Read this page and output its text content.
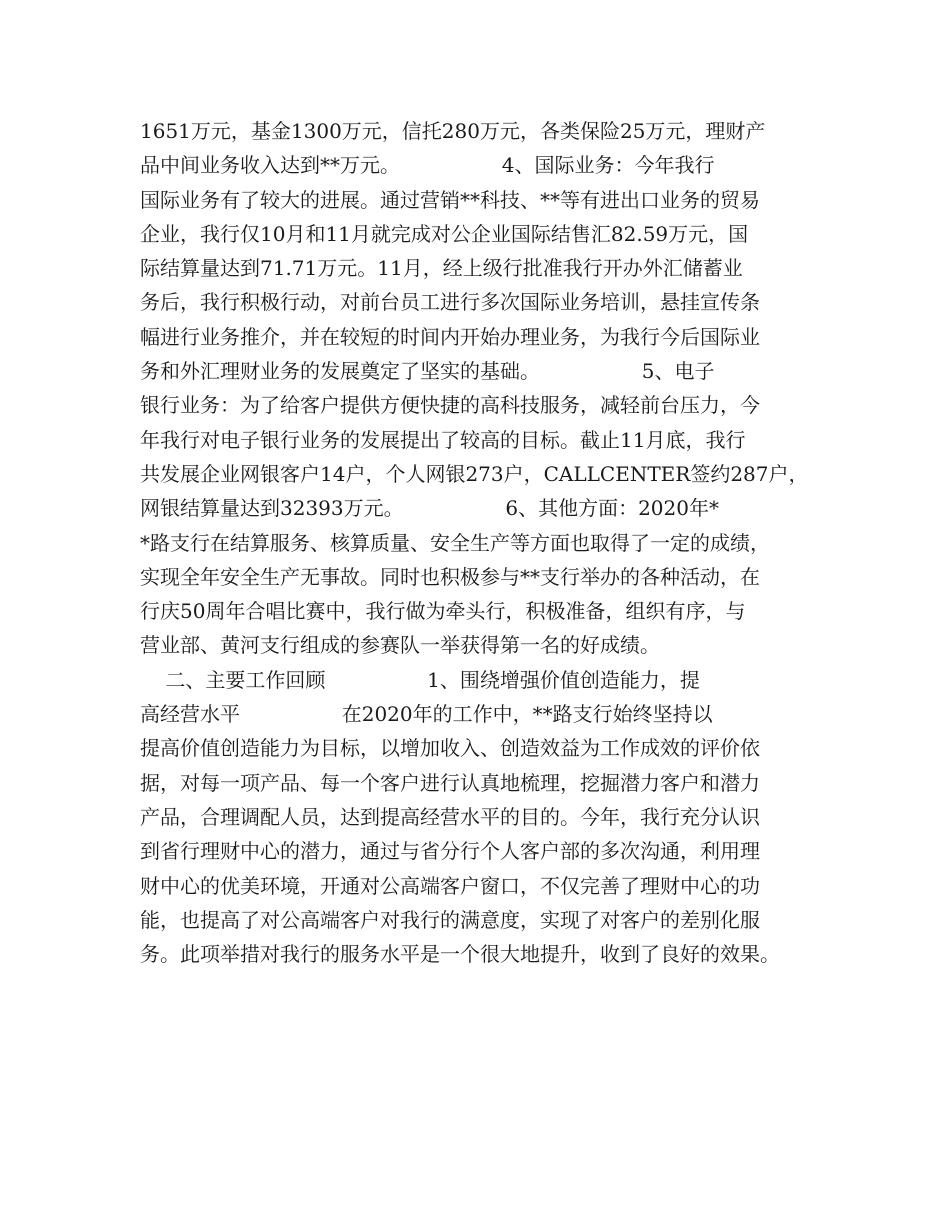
1651万元，基金1300万元，信托280万元，各类保险25万元，理财产
品中间业务收入达到**万元。                4、国际业务：今年我行
国际业务有了较大的进展。通过营销**科技、**等有进出口业务的贸易
企业，我行仅10月和11月就完成对公企业国际结售汇82.59万元，国
际结算量达到71.71万元。11月，经上级行批准我行开办外汇储蓄业
务后，我行积极行动，对前台员工进行多次国际业务培训，悬挂宣传条
幅进行业务推介，并在较短的时间内开始办理业务，为我行今后国际业
务和外汇理财业务的发展奠定了坚实的基础。                5、电子
银行业务：为了给客户提供方便快捷的高科技服务，减轻前台压力，今
年我行对电子银行业务的发展提出了较高的目标。截止11月底，我行
共发展企业网银客户14户，个人网银273户，CALLCENTER签约287户，
网银结算量达到32393万元。                6、其他方面：2020年*
*路支行在结算服务、核算质量、安全生产等方面也取得了一定的成绩，
实现全年安全生产无事故。同时也积极参与**支行举办的各种活动，在
行庆50周年合唱比赛中，我行做为牵头行，积极准备，组织有序，与
营业部、黄河支行组成的参赛队一举获得第一名的好成绩。
二、主要工作回顾                1、围绕增强价值创造能力，提
高经营水平                在2020年的工作中，**路支行始终坚持以
提高价值创造能力为目标，以增加收入、创造效益为工作成效的评价依
据，对每一项产品、每一个客户进行认真地梳理，挖掘潜力客户和潜力
产品，合理调配人员，达到提高经营水平的目的。今年，我行充分认识
到省行理财中心的潜力，通过与省分行个人客户部的多次沟通，利用理
财中心的优美环境，开通对公高端客户窗口，不仅完善了理财中心的功
能，也提高了对公高端客户对我行的满意度，实现了对客户的差别化服
务。此项举措对我行的服务水平是一个很大地提升，收到了良好的效果。
